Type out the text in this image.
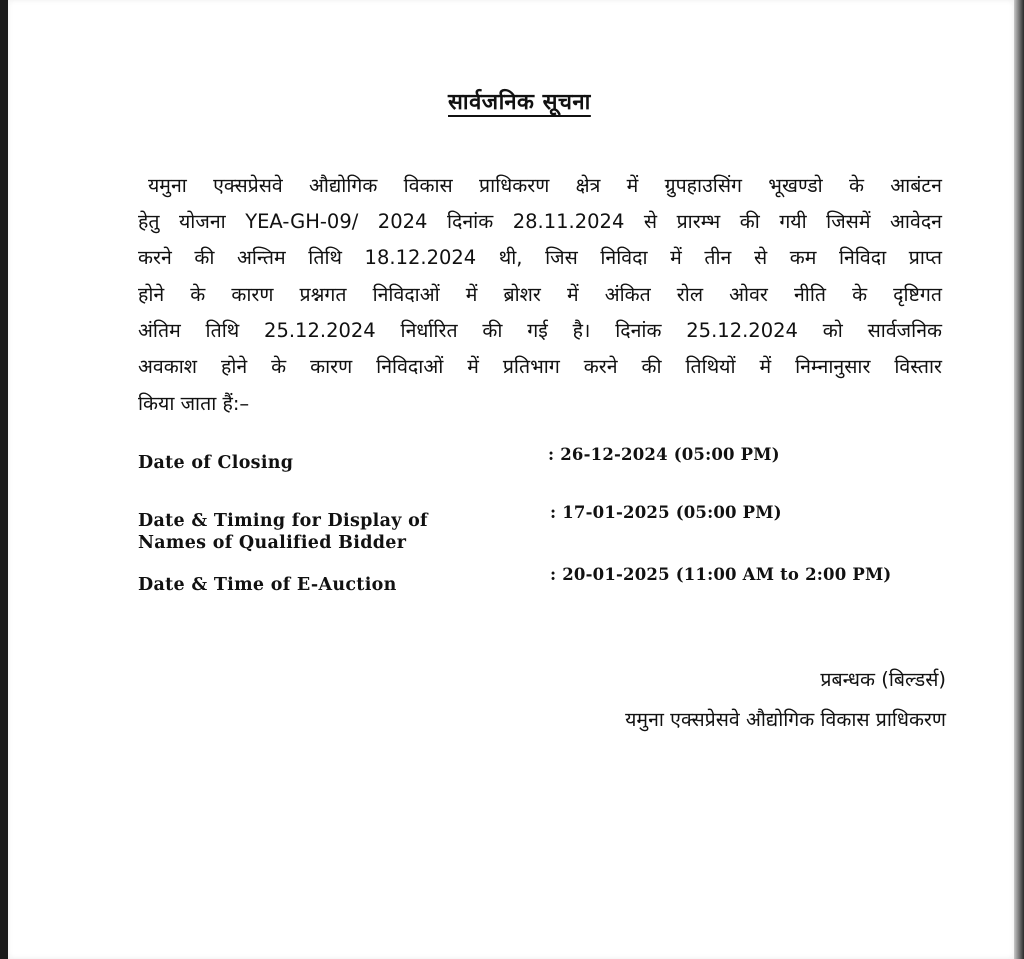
सार्वजनिक सूचना
यमुना एक्सप्रेसवे औद्योगिक विकास प्राधिकरण क्षेत्र में ग्रुपहाउसिंग भूखण्डो के आबंटन
हेतु योजना YEA-GH-09/ 2024 दिनांक 28.11.2024 से प्रारम्भ की गयी जिसमें आवेदन
करने की अन्तिम तिथि 18.12.2024 थी, जिस निविदा में तीन से कम निविदा प्राप्त
होने के कारण प्रश्नगत निविदाओं में ब्रोशर में अंकित रोल ओवर नीति के दृष्टिगत
अंतिम तिथि 25.12.2024 निर्धारित की गई है। दिनांक 25.12.2024 को सार्वजनिक
अवकाश होने के कारण निविदाओं में प्रतिभाग करने की तिथियों में निम्नानुसार विस्तार
किया जाता हैं:–
Date of Closing	: 26-12-2024 (05:00 PM)
Date & Timing for Display of
Names of Qualified Bidder
: 17-01-2025 (05:00 PM)
Date & Time of E-Auction
: 20-01-2025 (11:00 AM to 2:00 PM)
प्रबन्धक (बिल्डर्स)
यमुना एक्सप्रेसवे औद्योगिक विकास प्राधिकरण
